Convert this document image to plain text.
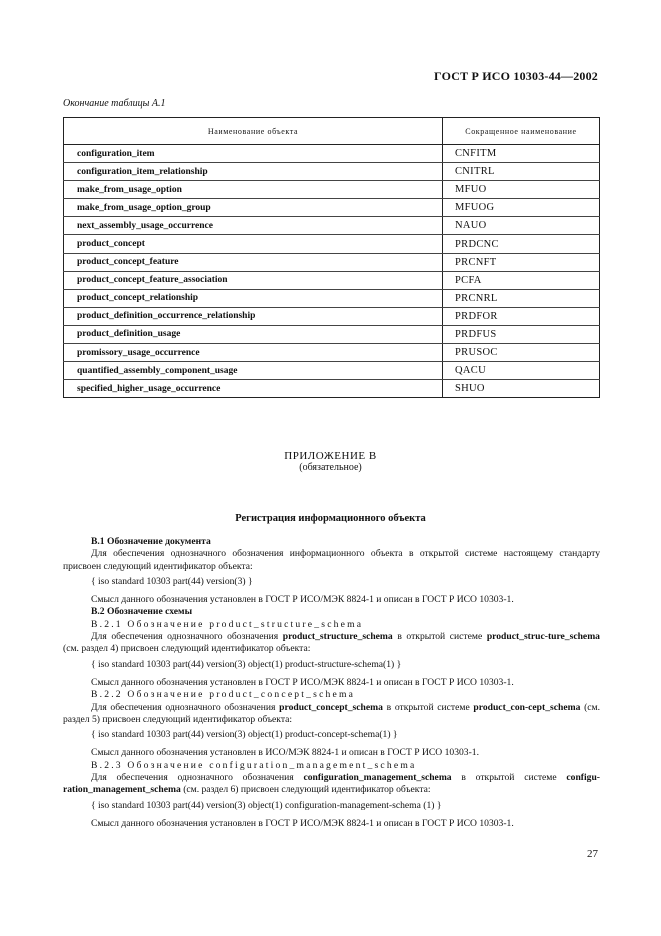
ГОСТ Р ИСО 10303-44—2002
Окончание таблицы А.1
Наименование объекта	Сокращенное наименование
configuration_item	CNFITM
configuration_item_relationship	CNITRL
make_from_usage_option	MFUO
make_from_usage_option_group	MFUOG
next_assembly_usage_occurrence	NAUO
product_concept	PRDCNC
product_concept_feature	PRCNFT
product_concept_feature_association	PCFA
product_concept_relationship	PRCNRL
product_definition_occurrence_relationship	PRDFOR
product_definition_usage	PRDFUS
promissory_usage_occurrence	PRUSOC
quantified_assembly_component_usage	QACU
specified_higher_usage_occurrence	SHUO
ПРИЛОЖЕНИЕ В
(обязательное)
Регистрация информационного объекта

В.1 Обозначение документа

Для обеспечения однозначного обозначения информационного объекта в открытой системе настоящему стандарту присвоен следующий идентификатор объекта:

{ iso standard 10303 part(44) version(3) }

Смысл данного обозначения установлен в ГОСТ Р ИСО/МЭК 8824-1 и описан в ГОСТ Р ИСО 10303-1.

В.2 Обозначение схемы

В.2.1 Обозначение product_structure_schema

Для обеспечения однозначного обозначения product_structure_schema в открытой системе product_struc-ture_schema (см. раздел 4) присвоен следующий идентификатор объекта:

{ iso standard 10303 part(44) version(3) object(1) product-structure-schema(1) }

Смысл данного обозначения установлен в ГОСТ Р ИСО/МЭК 8824-1 и описан в ГОСТ Р ИСО 10303-1.

В.2.2 Обозначение product_concept_schema

Для обеспечения однозначного обозначения product_concept_schema в открытой системе product_con-cept_schema (см. раздел 5) присвоен следующий идентификатор объекта:

{ iso standard 10303 part(44) version(3) object(1) product-concept-schema(1) }

Смысл данного обозначения установлен в ИСО/МЭК 8824-1 и описан в ГОСТ Р ИСО 10303-1.

В.2.3 Обозначение configuration_management_schema

Для обеспечения однозначного обозначения configuration_management_schema в открытой системе configu-ration_management_schema (см. раздел 6) присвоен следующий идентификатор объекта:

{ iso standard 10303 part(44) version(3) object(1) configuration-management-schema (1) }

Смысл данного обозначения установлен в ГОСТ Р ИСО/МЭК 8824-1 и описан в ГОСТ Р ИСО 10303-1.

27
